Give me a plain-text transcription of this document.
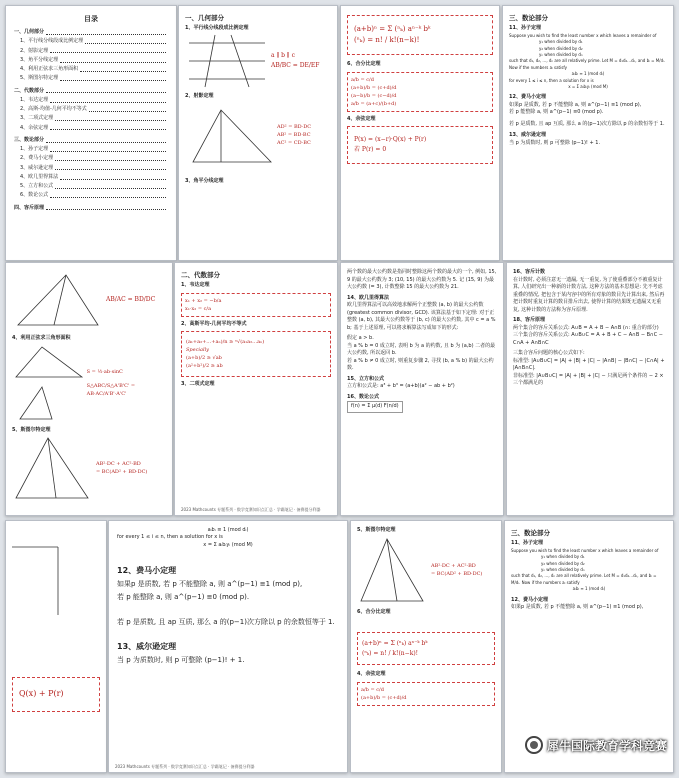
目录
一、几何部分
1、平行线分线段成比例定理
2、射影定理
3、角平分线定理
4、利用正弦求三角形面积
5、斯图尔特定理
二、代数部分
1、韦达定理
2、高斯-均值-几何平均不等式
3、二项式定理
4、余弦定理
三、数论部分
1、孙子定理
2、费马小定理
3、威尔逊定理
4、欧几里得算法
5、立方和公式
6、数论公式
四、容斥原理
一、几何部分
1、平行线分线段成比例定理
a ∥ b ∥ c
AB/BC = DE/EF
2、射影定理
AD² = BD·DC
AB² = BD·BC
AC² = CD·BC
3、角平分线定理
(a+b)ⁿ = Σ (ⁿₖ) aⁿ⁻ᵏ bᵏ
(ⁿₖ) = n! / k!(n−k)!
6、合分比定理
a/b = c/d
(a+b)/b = (c+d)/d
(a−b)/b = (c−d)/d
a/b = (a+c)/(b+d)
4、余弦定理
P(x) = (x−r)·Q(x) + P(r)
若 P(r) = 0
三、数论部分
11、孙子定理
Suppose you wish to find the least number x which leaves a remainder of
y₁ when divided by d₁
y₂ when divided by d₂
yₙ when divided by dₙ
such that d₁, d₂, …, dₙ are all relatively prime. Let M = d₁d₂…dₙ, and bᵢ = M/dᵢ. Now if the numbers aᵢ satisfy
aᵢbᵢ ≡ 1 (mod dᵢ)
for every 1 ≤ i ≤ n, then a solution for x is
x = Σ aᵢbᵢyᵢ (mod M)
12、费马小定理
如果p 是质数, 若 p 不能整除 a, 则 a^(p−1) ≡1 (mod p),
若 p 能整除 a, 则 a^(p−1) ≡0 (mod p).
若 p 是质数, 且 ap 互质, 那么 a 的(p−1)次方除以 p 的余数恒等于 1.
13、威尔逊定理
当 p 为质数时, 则 p 可整除 (p−1)! + 1.
AB/AC = BD/DC
4、利用正弦求三角形面积
S = ½·ab·sinC
S△ABC/S△A'B'C' = AB·AC/A'B'·A'C'
5、斯图尔特定理
AB²·DC + AC²·BD
= BC(AD² + BD·DC)
二、代数部分
1、韦达定理
x₁ + x₂ = −b/a
x₁·x₂ = c/a
2、高斯平均-几何平均不等式
(a₁+a₂+…+aₙ)/n ≥ ⁿ√(a₁a₂…aₙ)
Specially
(a+b)/2 ≥ √ab
(a²+b²)/2 ≥ ab
3、二项式定理
2023 Mathcounts 专题系列 · 数学竞赛知识点汇总 · 学霸笔记 · 备赛提分利器
两个数的最大公约数是指同时整除这两个数的最大的一个, 例如, 15, 9 的最大公约数为 3; (10, 15) 的最大公约数为 5. 记 (15, 9) 为最大公约数 (= 3), 计数整除 15 的最大公约数为 21.
14、欧几里得算法
欧几里得算法可以高效地求解两个正整数 (a, b) 的最大公约数 (greatest common divisor, GCD). 该算法基于如下定理: 对于正整数 (a, b), 其最大公约数等于 (b, c) 的最大公约数, 其中 c = a % b; 基于上述原理, 可以将求解算法写成如下的形式:
假定 a > b.
当 a % b = 0 成立时, 表明 b 为 a 的约数, 且 b 为 (a,b) 二者的最大公约数, 所以返回 b.
若 a % b ≠ 0 成立时, 则重复步骤 2, 寻找 (b, a % b) 的最大公约数.
15、立方和公式
立方和公式是: a³ + b³ = (a+b)(a² − ab + b²)
16、数论公式
f(n) = Σ μ(d) F(n/d)
16、容斥计数
在计数时, 必须注意无一遗漏, 无一重复, 为了使重叠部分不被重复计算, 人们研究出一种新的计数方法, 这种方法的基本思想是: 先不考虑重叠的情况, 把包含于某内容中的所有对象的数目先计算出来, 然后再把计数时重复计算的数目排斥出去, 使得计算的结果既无遗漏又无重复, 这种计数的方法称为容斥原理.
18、容斥原理
两个集合的容斥关系公式: A∪B = A + B − A∩B (∩: 重合的部分)
三个集合的容斥关系公式: A∪B∪C = A + B + C − A∩B − B∩C − C∩A + A∩B∩C
三集合容斥问题的核心公式如下:
标准型: |A∪B∪C| = |A| + |B| + |C| − |A∩B| − |B∩C| − |C∩A| + |A∩B∩C|.
非标准型: |A∪B∪C| = |A| + |B| + |C| − 只满足两个条件的 − 2 × 三个都满足的
Q(x) + P(r)
aᵢbᵢ ≡ 1 (mod dᵢ)
for every 1 ≤ i ≤ n, then a solution for x is
x = Σ aᵢbᵢyᵢ (mod M)
12、费马小定理
如果p 是质数, 若 p 不能整除 a, 则 a^(p−1) ≡1 (mod p),
若 p 能整除 a, 则 a^(p−1) ≡0 (mod p).
若 p 是质数, 且 ap 互质, 那么 a 的(p−1)次方除以 p 的余数恒等于 1.
13、威尔逊定理
当 p 为质数时, 则 p 可整除 (p−1)! + 1.
2023 Mathcounts 专题系列 · 数学竞赛知识点汇总 · 学霸笔记 · 备赛提分利器
5、斯图尔特定理
AB²·DC + AC²·BD
= BC(AD² + BD·DC)
6、合分比定理
(a+b)ⁿ = Σ (ⁿₖ) aⁿ⁻ᵏ bᵏ
(ⁿₖ) = n! / k!(n−k)!
4、余弦定理
a/b = c/d
(a+b)/b = (c+d)/d
三、数论部分
11、孙子定理
Suppose you wish to find the least number x which leaves a remainder of
y₁ when divided by d₁
y₂ when divided by d₂
yₙ when divided by dₙ
such that d₁, d₂, …, dₙ are all relatively prime. Let M = d₁d₂…dₙ, and bᵢ = M/dᵢ. Now if the numbers aᵢ satisfy
aᵢbᵢ ≡ 1 (mod dᵢ)
12、费马小定理
如果p 是质数, 若 p 不能整除 a, 则 a^(p−1) ≡1 (mod p),
犀牛国际教育学科竞赛
